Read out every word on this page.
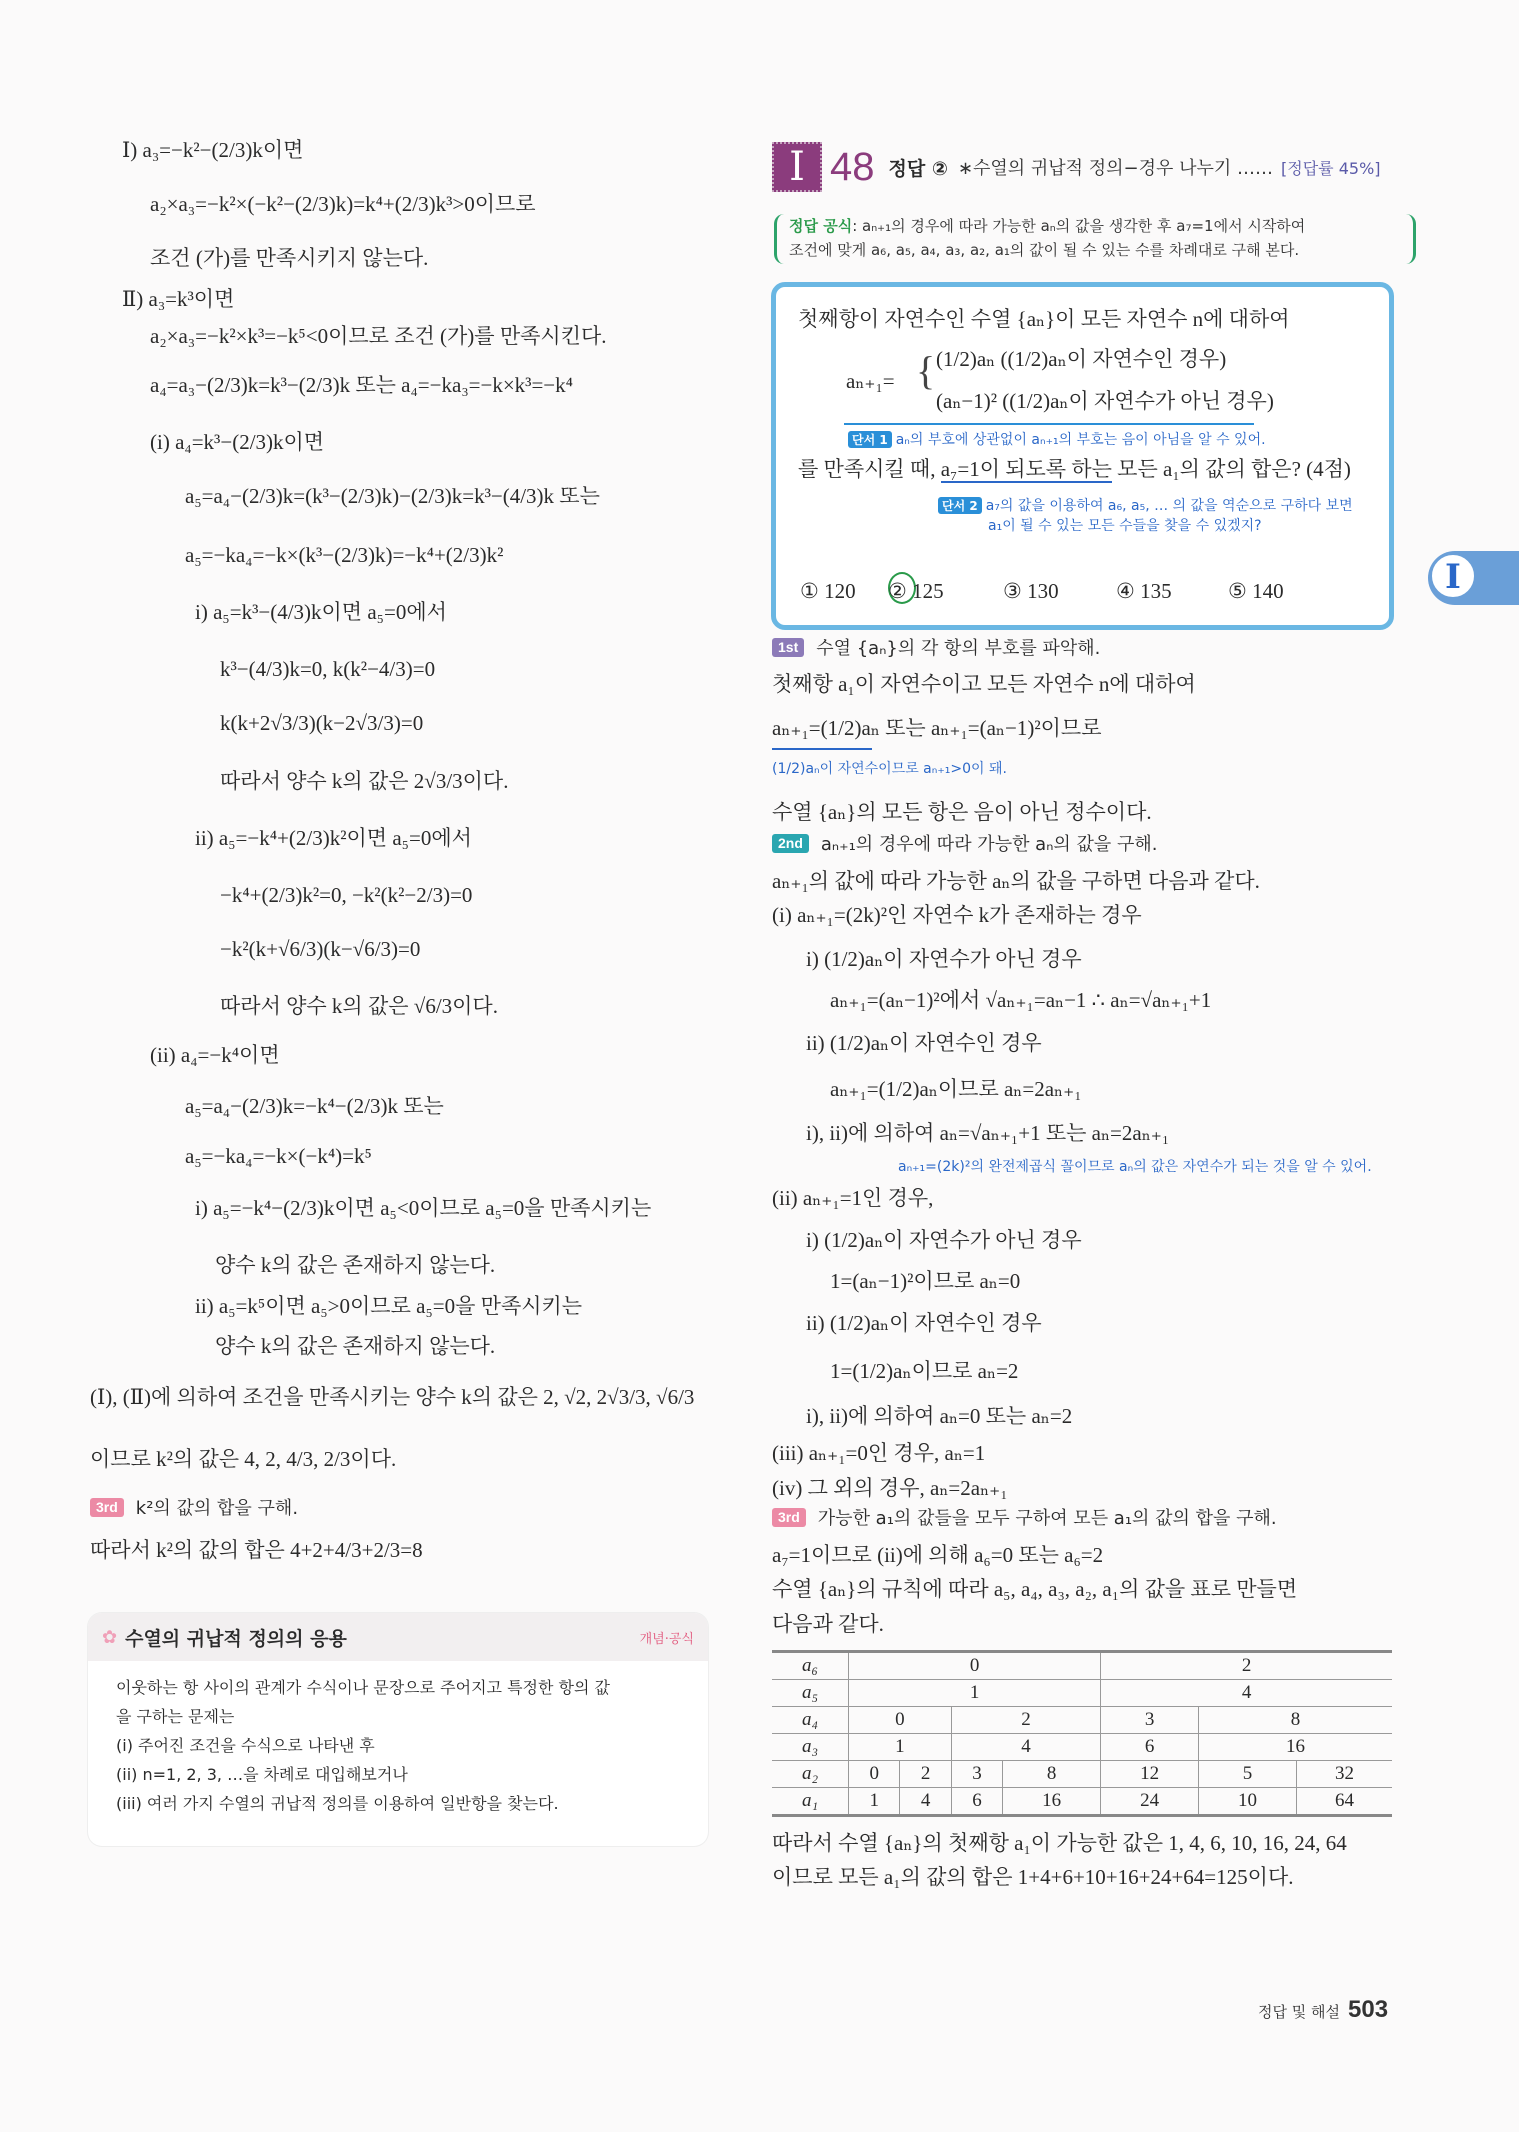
Ⅰ) a₃=−k²−(2/3)k이면
a₂×a₃=−k²×(−k²−(2/3)k)=k⁴+(2/3)k³>0이므로
조건 (가)를 만족시키지 않는다.
Ⅱ) a₃=k³이면
a₂×a₃=−k²×k³=−k⁵<0이므로 조건 (가)를 만족시킨다.
a₄=a₃−(2/3)k=k³−(2/3)k 또는 a₄=−ka₃=−k×k³=−k⁴
(i) a₄=k³−(2/3)k이면
a₅=a₄−(2/3)k=(k³−(2/3)k)−(2/3)k=k³−(4/3)k 또는
a₅=−ka₄=−k×(k³−(2/3)k)=−k⁴+(2/3)k²
i) a₅=k³−(4/3)k이면 a₅=0에서
k³−(4/3)k=0, k(k²−4/3)=0
k(k+2√3/3)(k−2√3/3)=0
따라서 양수 k의 값은 2√3/3이다.
ii) a₅=−k⁴+(2/3)k²이면 a₅=0에서
−k⁴+(2/3)k²=0, −k²(k²−2/3)=0
−k²(k+√6/3)(k−√6/3)=0
따라서 양수 k의 값은 √6/3이다.
(ii) a₄=−k⁴이면
a₅=a₄−(2/3)k=−k⁴−(2/3)k 또는
a₅=−ka₄=−k×(−k⁴)=k⁵
i) a₅=−k⁴−(2/3)k이면 a₅<0이므로 a₅=0을 만족시키는
양수 k의 값은 존재하지 않는다.
ii) a₅=k⁵이면 a₅>0이므로 a₅=0을 만족시키는
양수 k의 값은 존재하지 않는다.
(Ⅰ), (Ⅱ)에 의하여 조건을 만족시키는 양수 k의 값은 2, √2, 2√3/3, √6/3
이므로 k²의 값은 4, 2, 4/3, 2/3이다.
3rd k²의 값의 합을 구해.
따라서 k²의 값의 합은 4+2+4/3+2/3=8
✿ 수열의 귀납적 정의의 응용	개념·공식
이웃하는 항 사이의 관계가 수식이나 문장으로 주어지고 특정한 항의 값
을 구하는 문제는
(i) 주어진 조건을 수식으로 나타낸 후
(ii) n=1, 2, 3, …을 차례로 대입해보거나
(iii) 여러 가지 수열의 귀납적 정의를 이용하여 일반항을 찾는다.
Ⅰ 48 정답 ② ∗수열의 귀납적 정의−경우 나누기 …… [정답률 45%]
정답 공식: aₙ₊₁의 경우에 따라 가능한 aₙ의 값을 생각한 후 a₇=1에서 시작하여
조건에 맞게 a₆, a₅, a₄, a₃, a₂, a₁의 값이 될 수 있는 수를 차례대로 구해 본다.
첫째항이 자연수인 수열 {aₙ}이 모든 자연수 n에 대하여
aₙ₊₁= { (1/2)aₙ ((1/2)aₙ이 자연수인 경우)
(aₙ−1)² ((1/2)aₙ이 자연수가 아닌 경우)
단서 1 aₙ의 부호에 상관없이 aₙ₊₁의 부호는 음이 아님을 알 수 있어.
를 만족시킬 때, a₇=1이 되도록 하는 모든 a₁의 값의 합은? (4점)
단서 2 a₇의 값을 이용하여 a₆, a₅, … 의 값을 역순으로 구하다 보면
a₁이 될 수 있는 모든 수들을 찾을 수 있겠지?
① 120 ② 125	③ 130	④ 135	⑤ 140	Ⅰ
1st 수열 {aₙ}의 각 항의 부호를 파악해.
첫째항 a₁이 자연수이고 모든 자연수 n에 대하여
aₙ₊₁=(1/2)aₙ 또는 aₙ₊₁=(aₙ−1)²이므로
(1/2)aₙ이 자연수이므로 aₙ₊₁>0이 돼.
수열 {aₙ}의 모든 항은 음이 아닌 정수이다.
2nd aₙ₊₁의 경우에 따라 가능한 aₙ의 값을 구해.
aₙ₊₁의 값에 따라 가능한 aₙ의 값을 구하면 다음과 같다.
(i) aₙ₊₁=(2k)²인 자연수 k가 존재하는 경우
i) (1/2)aₙ이 자연수가 아닌 경우
aₙ₊₁=(aₙ−1)²에서 √aₙ₊₁=aₙ−1 ∴ aₙ=√aₙ₊₁+1
ii) (1/2)aₙ이 자연수인 경우
aₙ₊₁=(1/2)aₙ이므로 aₙ=2aₙ₊₁
i), ii)에 의하여 aₙ=√aₙ₊₁+1 또는 aₙ=2aₙ₊₁
aₙ₊₁=(2k)²의 완전제곱식 꼴이므로 aₙ의 값은 자연수가 되는 것을 알 수 있어.
(ii) aₙ₊₁=1인 경우,
i) (1/2)aₙ이 자연수가 아닌 경우
1=(aₙ−1)²이므로 aₙ=0
ii) (1/2)aₙ이 자연수인 경우
1=(1/2)aₙ이므로 aₙ=2
i), ii)에 의하여 aₙ=0 또는 aₙ=2
(iii) aₙ₊₁=0인 경우, aₙ=1
(iv) 그 외의 경우, aₙ=2aₙ₊₁
3rd 가능한 a₁의 값들을 모두 구하여 모든 a₁의 값의 합을 구해.
a₇=1이므로 (ii)에 의해 a₆=0 또는 a₆=2
수열 {aₙ}의 규칙에 따라 a₅, a₄, a₃, a₂, a₁의 값을 표로 만들면
다음과 같다.
a₆	0				2		
a₅	1				4		
a₄	0		2		3	8	
a₃	1		4		6	16	
a₂	0	2	3	8	12	5	32
a₁	1	4	6	16	24	10	64
따라서 수열 {aₙ}의 첫째항 a₁이 가능한 값은 1, 4, 6, 10, 16, 24, 64
이므로 모든 a₁의 값의 합은 1+4+6+10+16+24+64=125이다.
정답 및 해설 503
